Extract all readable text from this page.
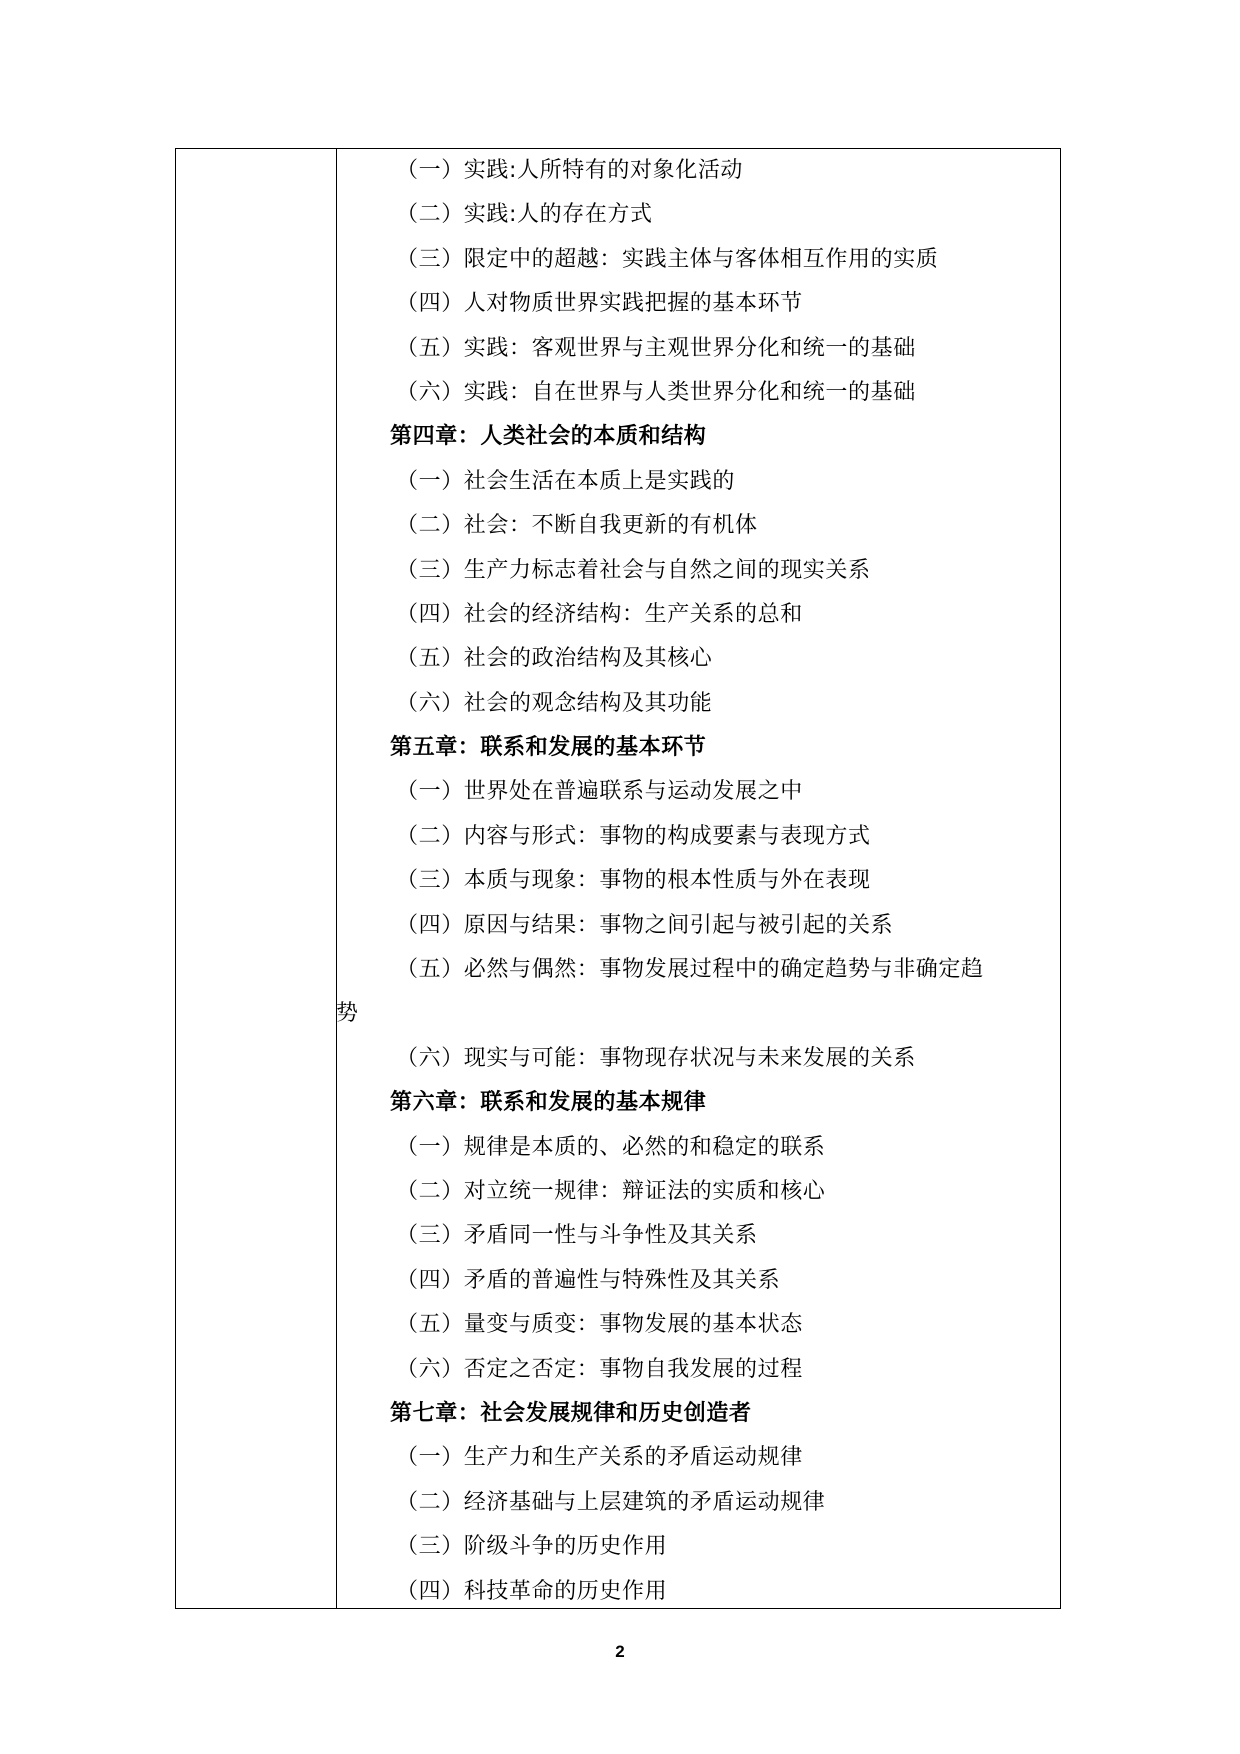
（一）实践:人所特有的对象化活动
（二）实践:人的存在方式
（三）限定中的超越：实践主体与客体相互作用的实质
（四）人对物质世界实践把握的基本环节
（五）实践：客观世界与主观世界分化和统一的基础
（六）实践：自在世界与人类世界分化和统一的基础
第四章：人类社会的本质和结构
（一）社会生活在本质上是实践的
（二）社会：不断自我更新的有机体
（三）生产力标志着社会与自然之间的现实关系
（四）社会的经济结构：生产关系的总和
（五）社会的政治结构及其核心
（六）社会的观念结构及其功能
第五章：联系和发展的基本环节
（一）世界处在普遍联系与运动发展之中
（二）内容与形式：事物的构成要素与表现方式
（三）本质与现象：事物的根本性质与外在表现
（四）原因与结果：事物之间引起与被引起的关系
（五）必然与偶然：事物发展过程中的确定趋势与非确定趋
势
（六）现实与可能：事物现存状况与未来发展的关系
第六章：联系和发展的基本规律
（一）规律是本质的、必然的和稳定的联系
（二）对立统一规律：辩证法的实质和核心
（三）矛盾同一性与斗争性及其关系
（四）矛盾的普遍性与特殊性及其关系
（五）量变与质变：事物发展的基本状态
（六）否定之否定：事物自我发展的过程
第七章：社会发展规律和历史创造者
（一）生产力和生产关系的矛盾运动规律
（二）经济基础与上层建筑的矛盾运动规律
（三）阶级斗争的历史作用
（四）科技革命的历史作用
2
